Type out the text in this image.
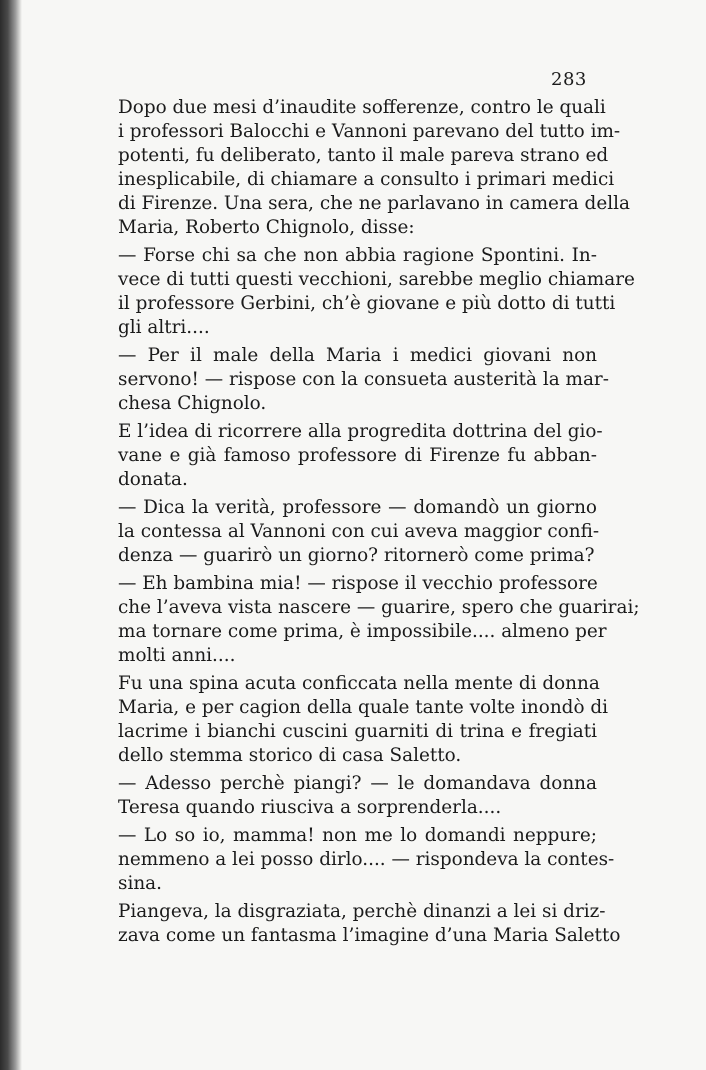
283

Dopo due mesi d’inaudite sofferenze, contro le quali
i professori Balocchi e Vannoni parevano del tutto im-
potenti, fu deliberato, tanto il male pareva strano ed
inesplicabile, di chiamare a consulto i primari medici
di Firenze. Una sera, che ne parlavano in camera della
Maria, Roberto Chignolo, disse:

— Forse chi sa che non abbia ragione Spontini. In-
vece di tutti questi vecchioni, sarebbe meglio chiamare
il professore Gerbini, ch’è giovane e più dotto di tutti
gli altri....

— Per il male della Maria i medici giovani non
servono! — rispose con la consueta austerità la mar-
chesa Chignolo.

E l’idea di ricorrere alla progredita dottrina del gio-
vane e già famoso professore di Firenze fu abban-
donata.

— Dica la verità, professore — domandò un giorno
la contessa al Vannoni con cui aveva maggior confi-
denza — guarirò un giorno? ritornerò come prima?

— Eh bambina mia! — rispose il vecchio professore
che l’aveva vista nascere — guarire, spero che guarirai;
ma tornare come prima, è impossibile.... almeno per
molti anni....

Fu una spina acuta conficcata nella mente di donna
Maria, e per cagion della quale tante volte inondò di
lacrime i bianchi cuscini guarniti di trina e fregiati
dello stemma storico di casa Saletto.

— Adesso perchè piangi? — le domandava donna
Teresa quando riusciva a sorprenderla....

— Lo so io, mamma! non me lo domandi neppure;
nemmeno a lei posso dirlo.... — rispondeva la contes-
sina.

Piangeva, la disgraziata, perchè dinanzi a lei si driz-
zava come un fantasma l’imagine d’una Maria Saletto
